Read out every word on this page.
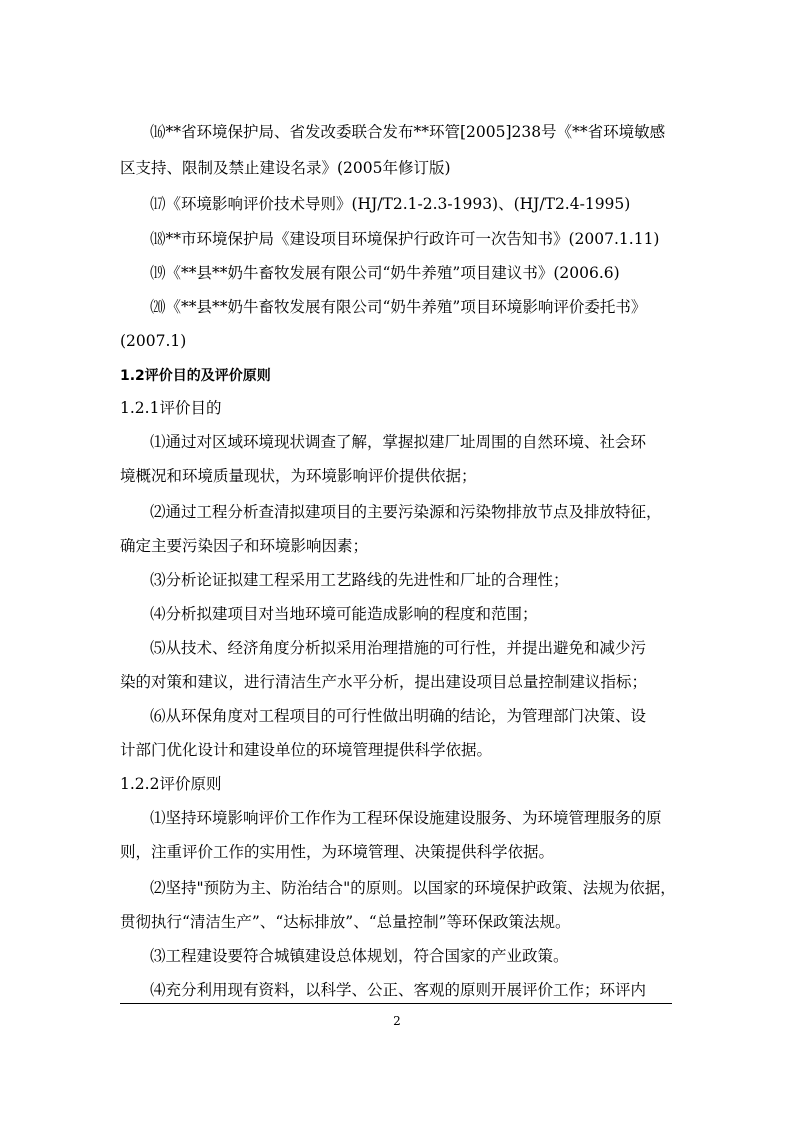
⒃**省环境保护局、省发改委联合发布**环管[2005]238号《**省环境敏感
区支持、限制及禁止建设名录》(2005年修订版)
⒄《环境影响评价技术导则》(HJ/T2.1-2.3-1993)、(HJ/T2.4-1995)
⒅**市环境保护局《建设项目环境保护行政许可一次告知书》(2007.1.11)
⒆《**县**奶牛畜牧发展有限公司“奶牛养殖”项目建议书》(2006.6)
⒇《**县**奶牛畜牧发展有限公司“奶牛养殖”项目环境影响评价委托书》
(2007.1)
1.2评价目的及评价原则
1.2.1评价目的
⑴通过对区域环境现状调查了解，掌握拟建厂址周围的自然环境、社会环
境概况和环境质量现状，为环境影响评价提供依据；
⑵通过工程分析查清拟建项目的主要污染源和污染物排放节点及排放特征，
确定主要污染因子和环境影响因素；
⑶分析论证拟建工程采用工艺路线的先进性和厂址的合理性；
⑷分析拟建项目对当地环境可能造成影响的程度和范围；
⑸从技术、经济角度分析拟采用治理措施的可行性，并提出避免和减少污
染的对策和建议，进行清洁生产水平分析，提出建设项目总量控制建议指标；
⑹从环保角度对工程项目的可行性做出明确的结论，为管理部门决策、设
计部门优化设计和建设单位的环境管理提供科学依据。
1.2.2评价原则
⑴坚持环境影响评价工作作为工程环保设施建设服务、为环境管理服务的原
则，注重评价工作的实用性，为环境管理、决策提供科学依据。
⑵坚持"预防为主、防治结合"的原则。以国家的环境保护政策、法规为依据，
贯彻执行“清洁生产”、“达标排放”、“总量控制”等环保政策法规。
⑶工程建设要符合城镇建设总体规划，符合国家的产业政策。
⑷充分利用现有资料，以科学、公正、客观的原则开展评价工作；环评内
2
